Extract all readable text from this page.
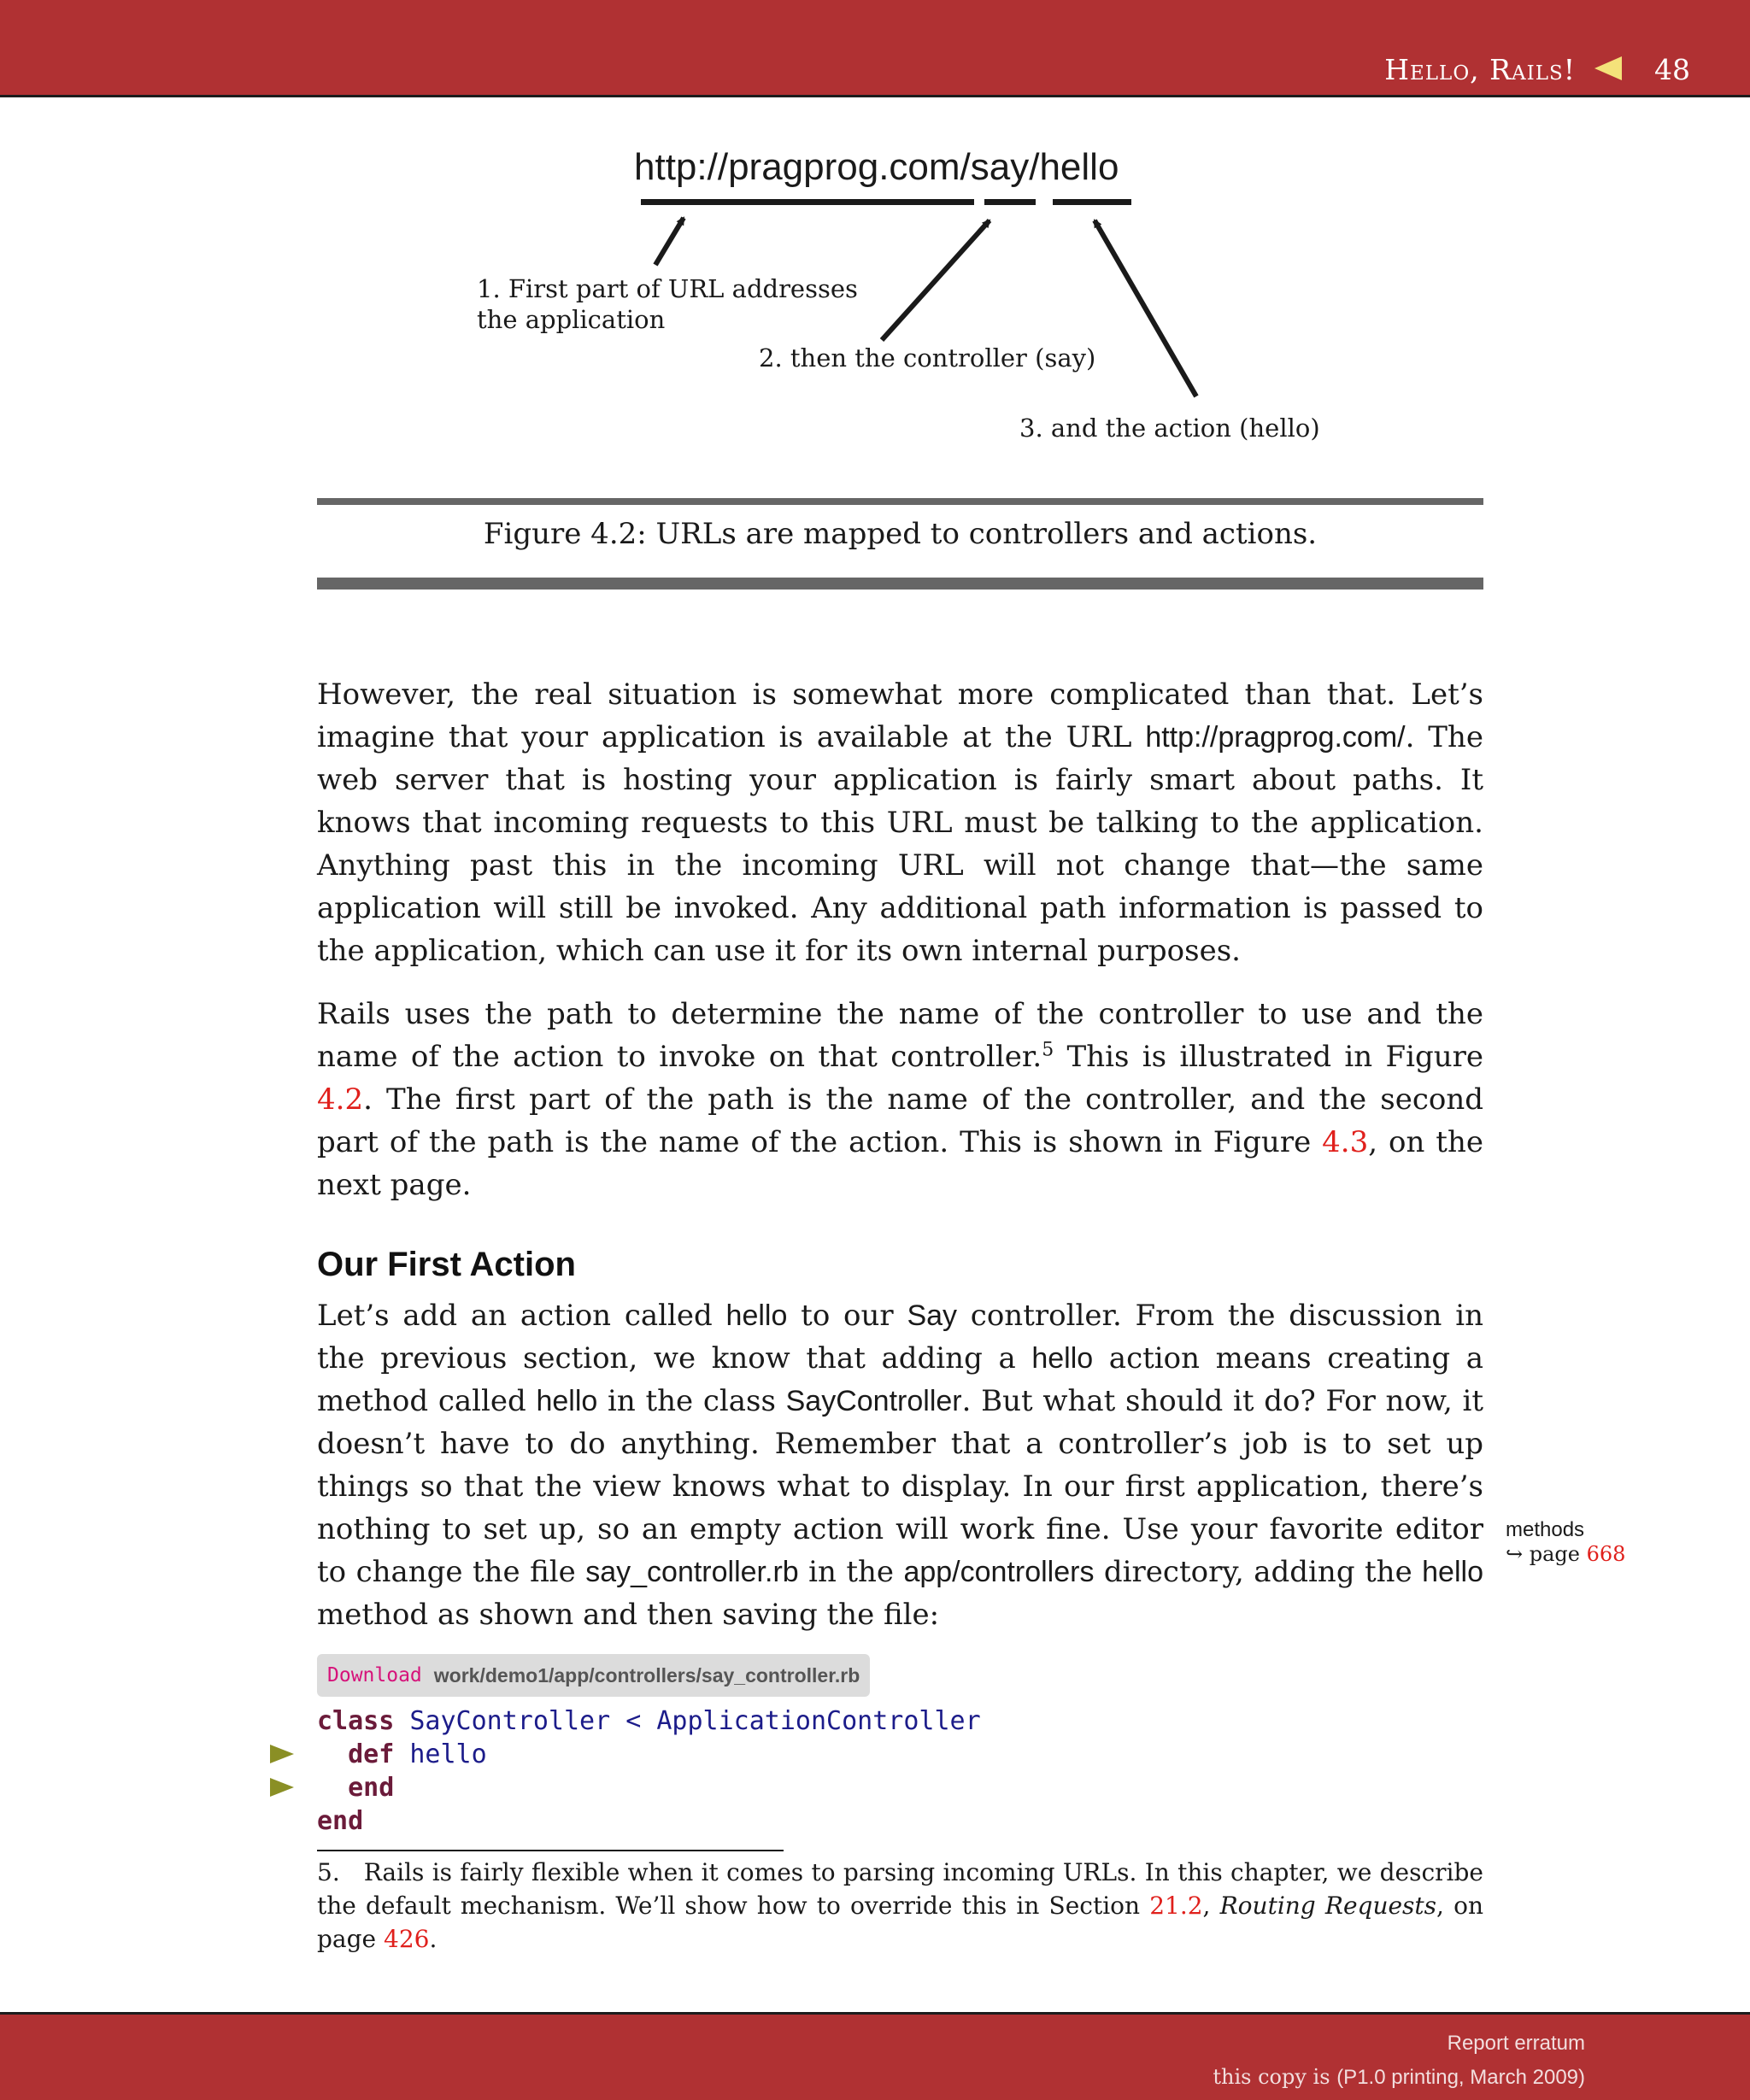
Hello, Rails!	48
http://pragprog.com/say/hello
1. First part of URL addresses
the application
2. then the controller (say)
3. and the action (hello)
Figure 4.2: URLs are mapped to controllers and actions.

However, the real situation is somewhat more complicated than that. Let’s imagine that your application is available at the URL http://pragprog.com/. The web server that is hosting your application is fairly smart about paths. It knows that incoming requests to this URL must be talking to the application. Anything past this in the incoming URL will not change that—the same application will still be invoked. Any additional path information is passed to the application, which can use it for its own internal purposes.

Rails uses the path to determine the name of the controller to use and the name of the action to invoke on that controller.$^5$ This is illustrated in Figure 4.2. The first part of the path is the name of the controller, and the second part of the path is the name of the action. This is shown in Figure 4.3, on the next page.

Our First Action

Let’s add an action called hello to our Say controller. From the discussion in the previous section, we know that adding a hello action means creating a method called hello in the class SayController. But what should it do? For now, it doesn’t have to do anything. Remember that a controller’s job is to set up things so that the view knows what to display. In our first application, there’s nothing to set up, so an empty action will work fine. Use your favorite editor to change the file say_controller.rb in the app/controllers directory, adding the hello method as shown and then saving the file:

methods
↪ page 668
Download work/demo1/app/controllers/say_controller.rb
class SayController < ApplicationController
def hello
end
end

5. Rails is fairly flexible when it comes to parsing incoming URLs. In this chapter, we describe the default mechanism. We’ll show how to override this in Section 21.2, Routing Requests, on page 426.

Report erratum
this copy is (P1.0 printing, March 2009)
